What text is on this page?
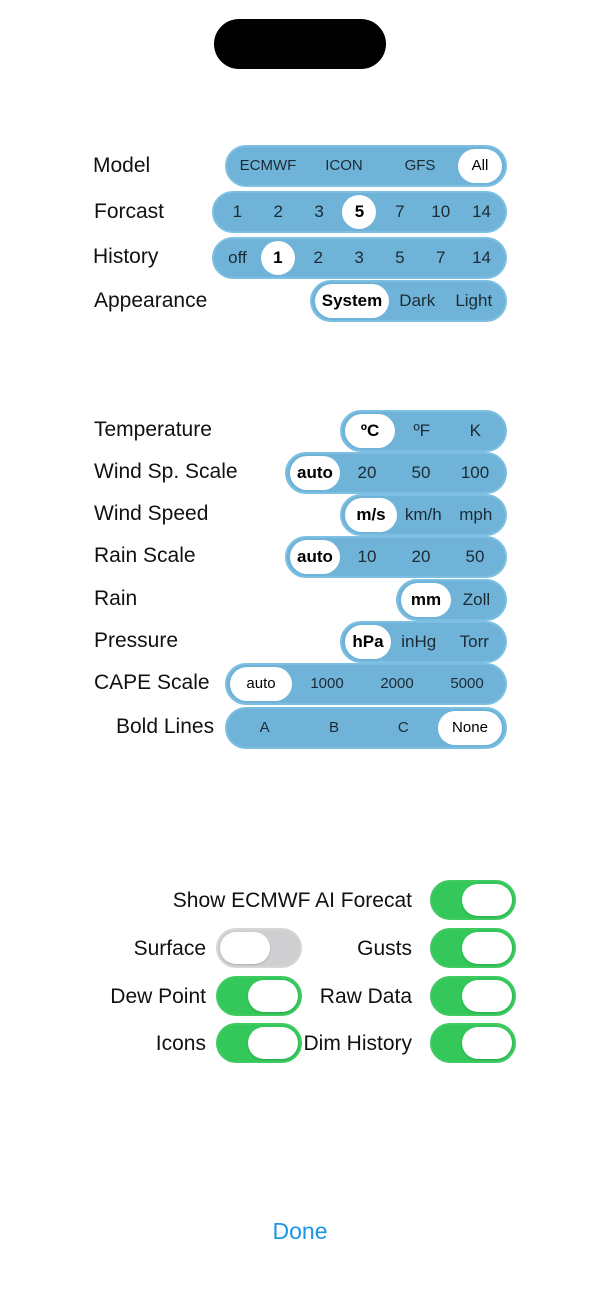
Model	ECMWF	ICON	GFS	All
Forcast	1	2	3	5	7	10	14
History	off	1	2	3	5	7	14
Appearance	System	Dark	Light
Temperature	ºC	ºF	K
Wind Sp. Scale	auto	20	50	100
Wind Speed	m/s	km/h	mph
Rain Scale	auto	10	20	50
Rain	mm	Zoll
Pressure	hPa	inHg	Torr
CAPE Scale	auto	1000	2000	5000
Bold Lines	A	B	C	None
Show ECMWF AI Forecat
Surface	Gusts
Dew Point	Raw Data
Icons	Dim History
Done
